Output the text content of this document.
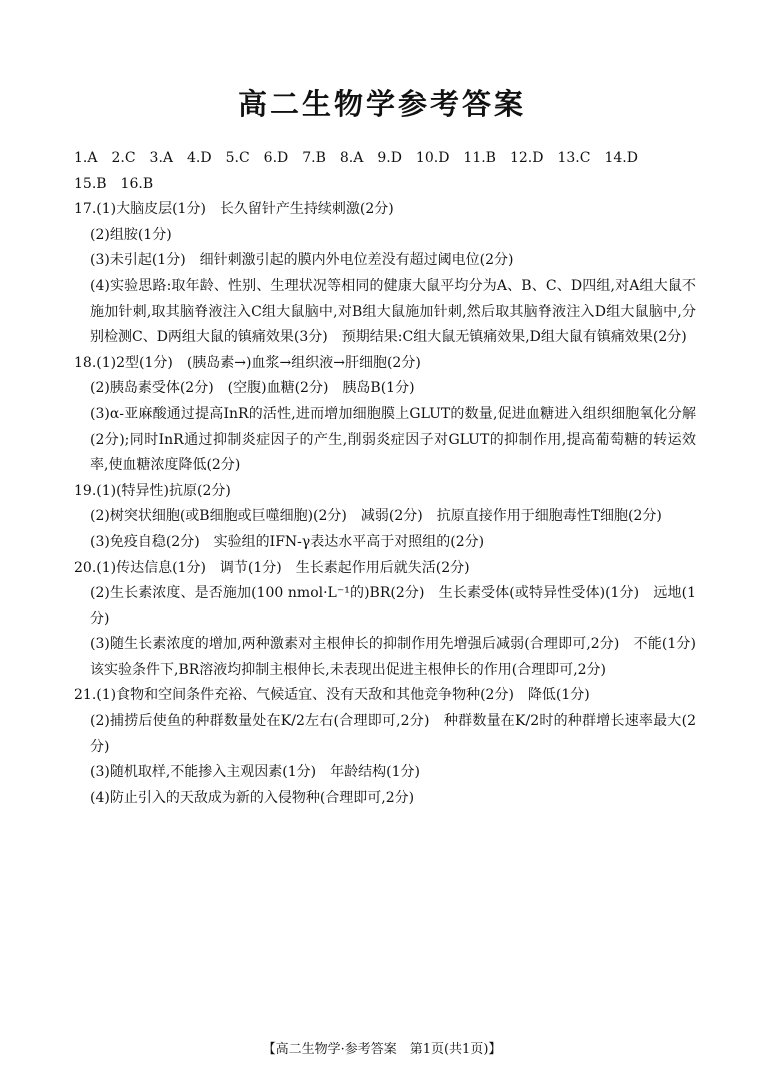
高二生物学参考答案

1.A　2.C　3.A　4.D　5.C　6.D　7.B　8.A　9.D　10.D　11.B　12.D　13.C　14.D

15.B　16.B

17.(1)大脑皮层(1分)　长久留针产生持续刺激(2分)

(2)组胺(1分)

(3)未引起(1分)　细针刺激引起的膜内外电位差没有超过阈电位(2分)

(4)实验思路:取年龄、性别、生理状况等相同的健康大鼠平均分为A、B、C、D四组,对A组大鼠不施加针刺,取其脑脊液注入C组大鼠脑中,对B组大鼠施加针刺,然后取其脑脊液注入D组大鼠脑中,分别检测C、D两组大鼠的镇痛效果(3分)　预期结果:C组大鼠无镇痛效果,D组大鼠有镇痛效果(2分)

18.(1)2型(1分)　(胰岛素→)血浆→组织液→肝细胞(2分)

(2)胰岛素受体(2分)　(空腹)血糖(2分)　胰岛B(1分)

(3)α-亚麻酸通过提高InR的活性,进而增加细胞膜上GLUT的数量,促进血糖进入组织细胞氧化分解(2分);同时InR通过抑制炎症因子的产生,削弱炎症因子对GLUT的抑制作用,提高葡萄糖的转运效率,使血糖浓度降低(2分)

19.(1)(特异性)抗原(2分)

(2)树突状细胞(或B细胞或巨噬细胞)(2分)　减弱(2分)　抗原直接作用于细胞毒性T细胞(2分)

(3)免疫自稳(2分)　实验组的IFN-γ表达水平高于对照组的(2分)

20.(1)传达信息(1分)　调节(1分)　生长素起作用后就失活(2分)

(2)生长素浓度、是否施加(100 nmol·L⁻¹的)BR(2分)　生长素受体(或特异性受体)(1分)　远地(1分)

(3)随生长素浓度的增加,两种激素对主根伸长的抑制作用先增强后减弱(合理即可,2分)　不能(1分)　该实验条件下,BR溶液均抑制主根伸长,未表现出促进主根伸长的作用(合理即可,2分)

21.(1)食物和空间条件充裕、气候适宜、没有天敌和其他竞争物种(2分)　降低(1分)

(2)捕捞后使鱼的种群数量处在K/2左右(合理即可,2分)　种群数量在K/2时的种群增长速率最大(2分)

(3)随机取样,不能掺入主观因素(1分)　年龄结构(1分)

(4)防止引入的天敌成为新的入侵物种(合理即可,2分)

【高二生物学·参考答案　第1页(共1页)】
